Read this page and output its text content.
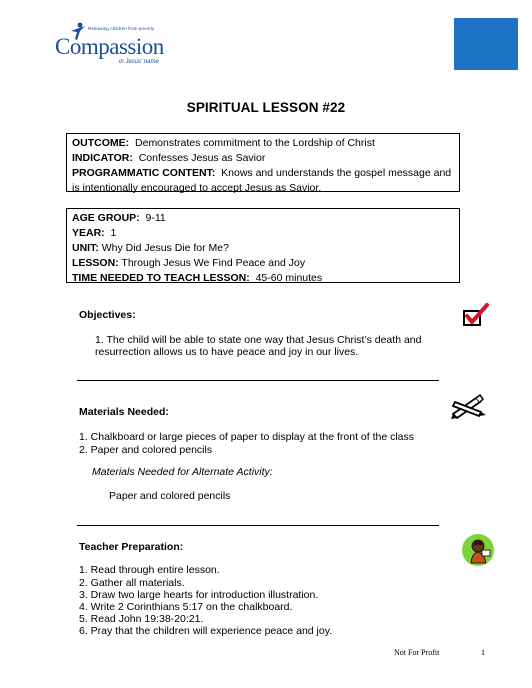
Releasing children from poverty
Compassion
in Jesus' name
SPIRITUAL LESSON #22
OUTCOME: Demonstrates commitment to the Lordship of Christ
INDICATOR: Confesses Jesus as Savior
PROGRAMMATIC CONTENT: Knows and understands the gospel message and
is intentionally encouraged to accept Jesus as Savior.
AGE GROUP: 9-11
YEAR: 1
UNIT: Why Did Jesus Die for Me?
LESSON: Through Jesus We Find Peace and Joy
TIME NEEDED TO TEACH LESSON: 45-60 minutes
Objectives:
1. The child will be able to state one way that Jesus Christ’s death and
resurrection allows us to have peace and joy in our lives.
Materials Needed:
1. Chalkboard or large pieces of paper to display at the front of the class
2. Paper and colored pencils
Materials Needed for Alternate Activity:
Paper and colored pencils
Teacher Preparation:
1. Read through entire lesson.
2. Gather all materials.
3. Draw two large hearts for introduction illustration.
4. Write 2 Corinthians 5:17 on the chalkboard.
5. Read John 19:38-20:21.
6. Pray that the children will experience peace and joy.
Not For Profit	1
